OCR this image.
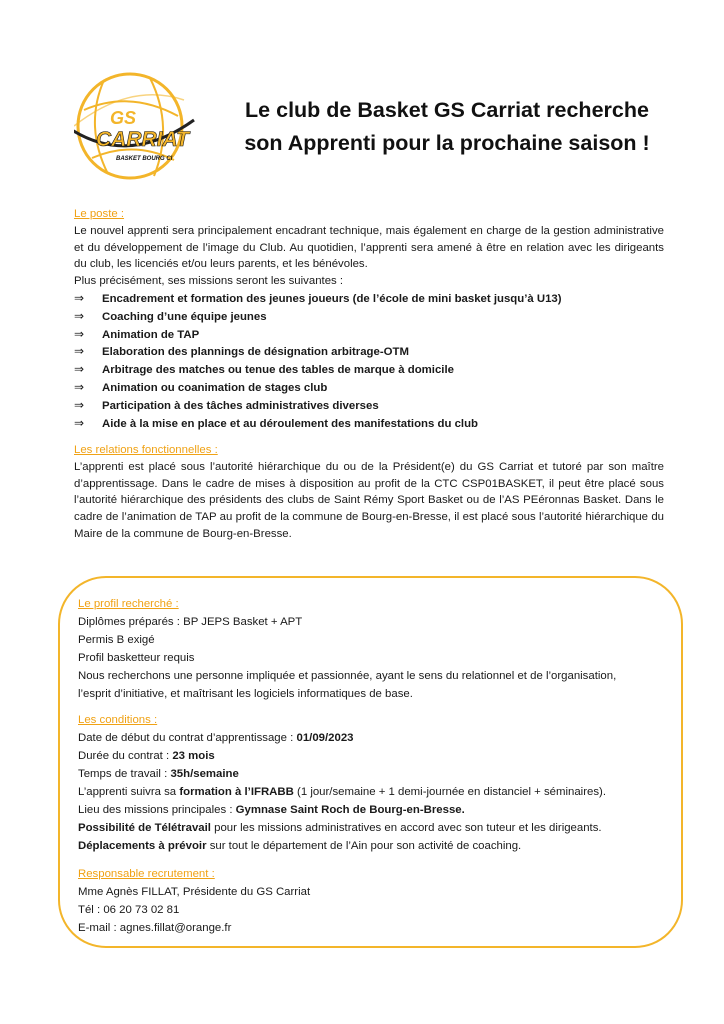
GS
CARRIAT
BASKET BOURG CI
Le club de Basket GS Carriat recherche
son Apprenti pour la prochaine saison !
Le poste :

Le nouvel apprenti sera principalement encadrant technique, mais également en charge de la gestion administrative et du développement de l’image du Club. Au quotidien, l’apprenti sera amené à être en relation avec les dirigeants du club, les licenciés et/ou leurs parents, et les bénévoles.

Plus précisément, ses missions seront les suivantes :

⇒	Encadrement et formation des jeunes joueurs (de l’école de mini basket jusqu’à U13)
⇒	Coaching d’une équipe jeunes
⇒	Animation de TAP
⇒	Elaboration des plannings de désignation arbitrage-OTM
⇒	Arbitrage des matches ou tenue des tables de marque à domicile
⇒	Animation ou coanimation de stages club
⇒	Participation à des tâches administratives diverses
⇒	Aide à la mise en place et au déroulement des manifestations du club
Les relations fonctionnelles :

L’apprenti est placé sous l’autorité hiérarchique du ou de la Président(e) du GS Carriat et tutoré par son maître d’apprentissage. Dans le cadre de mises à disposition au profit de la CTC CSP01BASKET, il peut être placé sous l’autorité hiérarchique des présidents des clubs de Saint Rémy Sport Basket ou de l’AS PEéronnas Basket. Dans le cadre de l’animation de TAP au profit de la commune de Bourg-en-Bresse, il est placé sous l’autorité hiérarchique du Maire de la commune de Bourg-en-Bresse.

Le profil recherché :

Diplômes préparés : BP JEPS Basket + APT

Permis B exigé

Profil basketteur requis

Nous recherchons une personne impliquée et passionnée, ayant le sens du relationnel et de l’organisation,

l’esprit d’initiative, et maîtrisant les logiciels informatiques de base.

Les conditions :

Date de début du contrat d’apprentissage : 01/09/2023

Durée du contrat : 23 mois

Temps de travail : 35h/semaine

L’apprenti suivra sa formation à l’IFRABB (1 jour/semaine + 1 demi-journée en distanciel + séminaires).

Lieu des missions principales : Gymnase Saint Roch de Bourg-en-Bresse.

Possibilité de Télétravail pour les missions administratives en accord avec son tuteur et les dirigeants.

Déplacements à prévoir sur tout le département de l’Ain pour son activité de coaching.

Responsable recrutement :

Mme Agnès FILLAT, Présidente du GS Carriat

Tél : 06 20 73 02 81

E-mail : agnes.fillat@orange.fr
